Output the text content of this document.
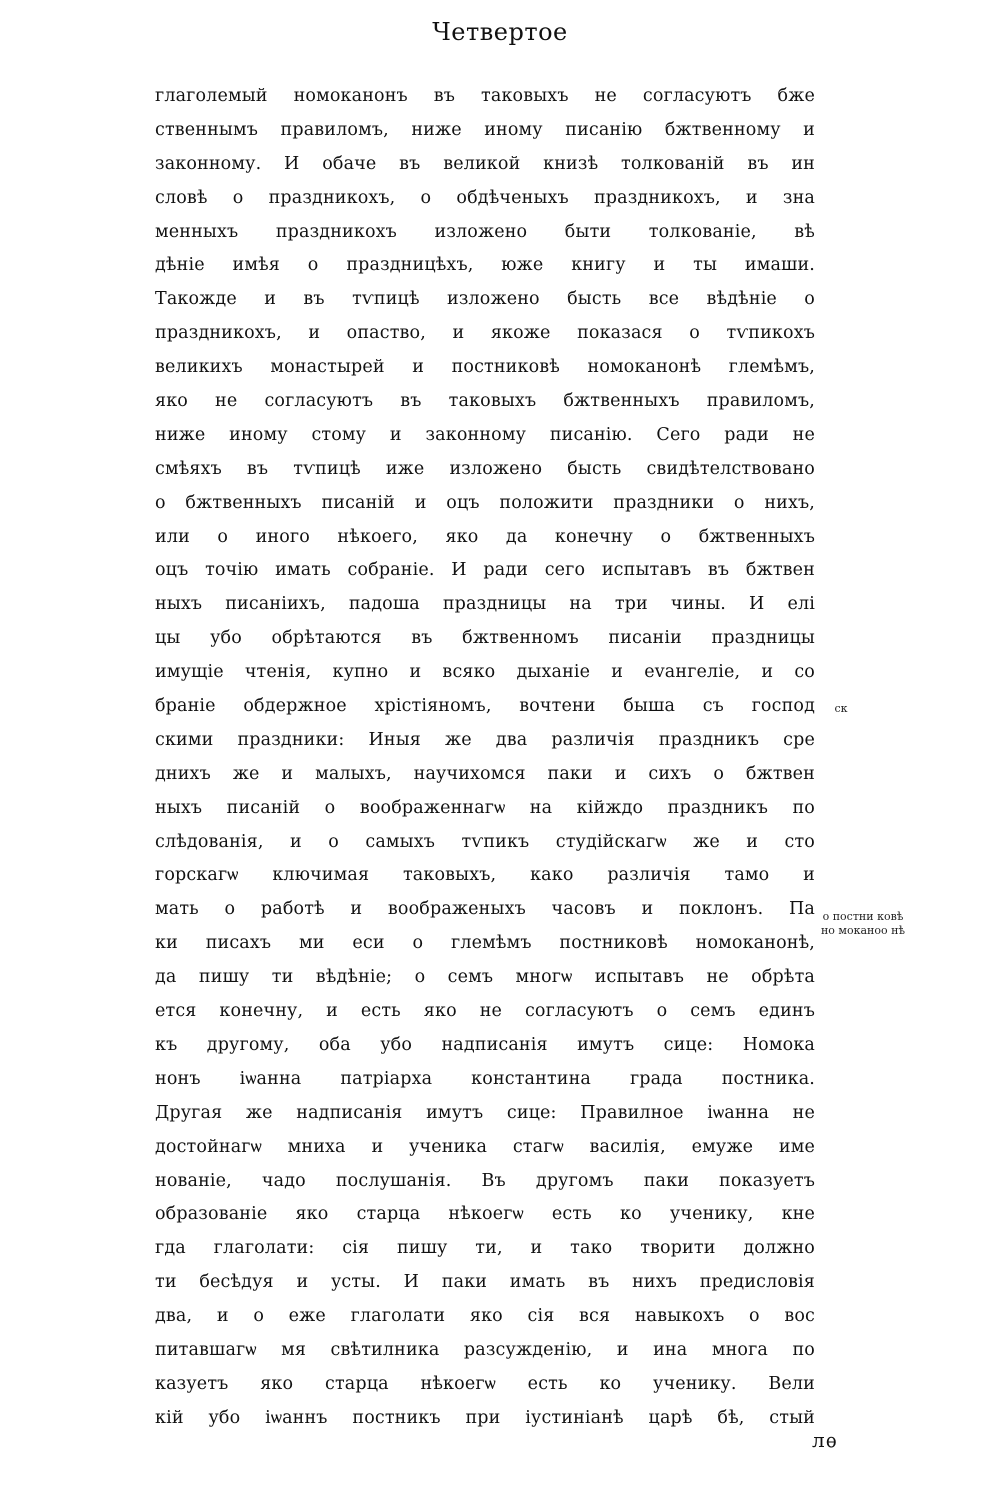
Четвертое
глаголемый номоканонъ въ таковыхъ не согласуютъ бже
ственнымъ правиломъ, ниже иному писанію бжтвенному и
законному. И обаче въ великой книзѣ толкованій въ ин
словѣ о праздникохъ, о обдѣченыхъ праздникохъ, и зна
менныхъ праздникохъ изложено быти толкованіе, вѣ
дѣніе имѣя о праздницѣхъ, юже книгу и ты имаши.
Такожде и въ тѵпицѣ изложено бысть все вѣдѣніе о
праздникохъ, и опаство, и якоже показася о тѵпикохъ
великихъ монастырей и постниковѣ номоканонѣ глемѣмъ,
яко не согласуютъ въ таковыхъ бжтвенныхъ правиломъ,
ниже иному стому и законному писанію. Сего ради не
смѣяхъ въ тѵпицѣ иже изложено бысть свидѣтелствовано
о бжтвенныхъ писаній и оцъ положити праздники о нихъ,
или о иного нѣкоего, яко да конечну о бжтвенныхъ
оцъ точію имать собраніе. И ради сего испытавъ въ бжтвен
ныхъ писаніихъ, падоша праздницы на три чины. И елі
цы убо обрѣтаются въ бжтвенномъ писаніи праздницы
имущіе чтенія, купно и всяко дыханіе и еvангеліе, и со
браніе обдержное хрістіяномъ, вочтени быша съ господ
скими праздники: Иныя же два различія праздникъ сре
днихъ же и малыхъ, научихомся паки и сихъ о бжтвен
ныхъ писаній о воображеннагѡ на кійждо праздникъ по
слѣдованія, и о самыхъ тѵпикъ студійскагѡ же и сто
горскагѡ ключимая таковыхъ, како различія тамо и
мать о работѣ и воображеныхъ часовъ и поклонъ. Па
ки писахъ ми еси о глемѣмъ постниковѣ номоканонѣ,
да пишу ти вѣдѣніе; о семъ многѡ испытавъ не обрѣта
ется конечну, и есть яко не согласуютъ о семъ единъ
къ другому, оба убо надписанія имутъ сице: Номока
нонъ іѡанна патріарха константина града постника.
Другая же надписанія имутъ сице: Правилное іѡанна не
достойнагѡ мниха и ученика стагѡ василія, емуже име
нованіе, чадо послушанія. Въ другомъ паки показуетъ
образованіе яко старца нѣкоегѡ есть ко ученику, кне
гда глаголати: сія пишу ти, и тако творити должно
ти бесѣдуя и усты. И паки имать въ нихъ предисловія
два, и о еже глаголати яко сія вся навыкохъ о вос
питавшагѡ мя свѣтилника разсужденію, и ина многа по
казуетъ яко старца нѣкоегѡ есть ко ученику. Вели
кій убо іѡаннъ постникъ при іустиніанѣ царѣ бѣ, стый
ск
о постни ковѣ но моканоо нѣ
лѳ
